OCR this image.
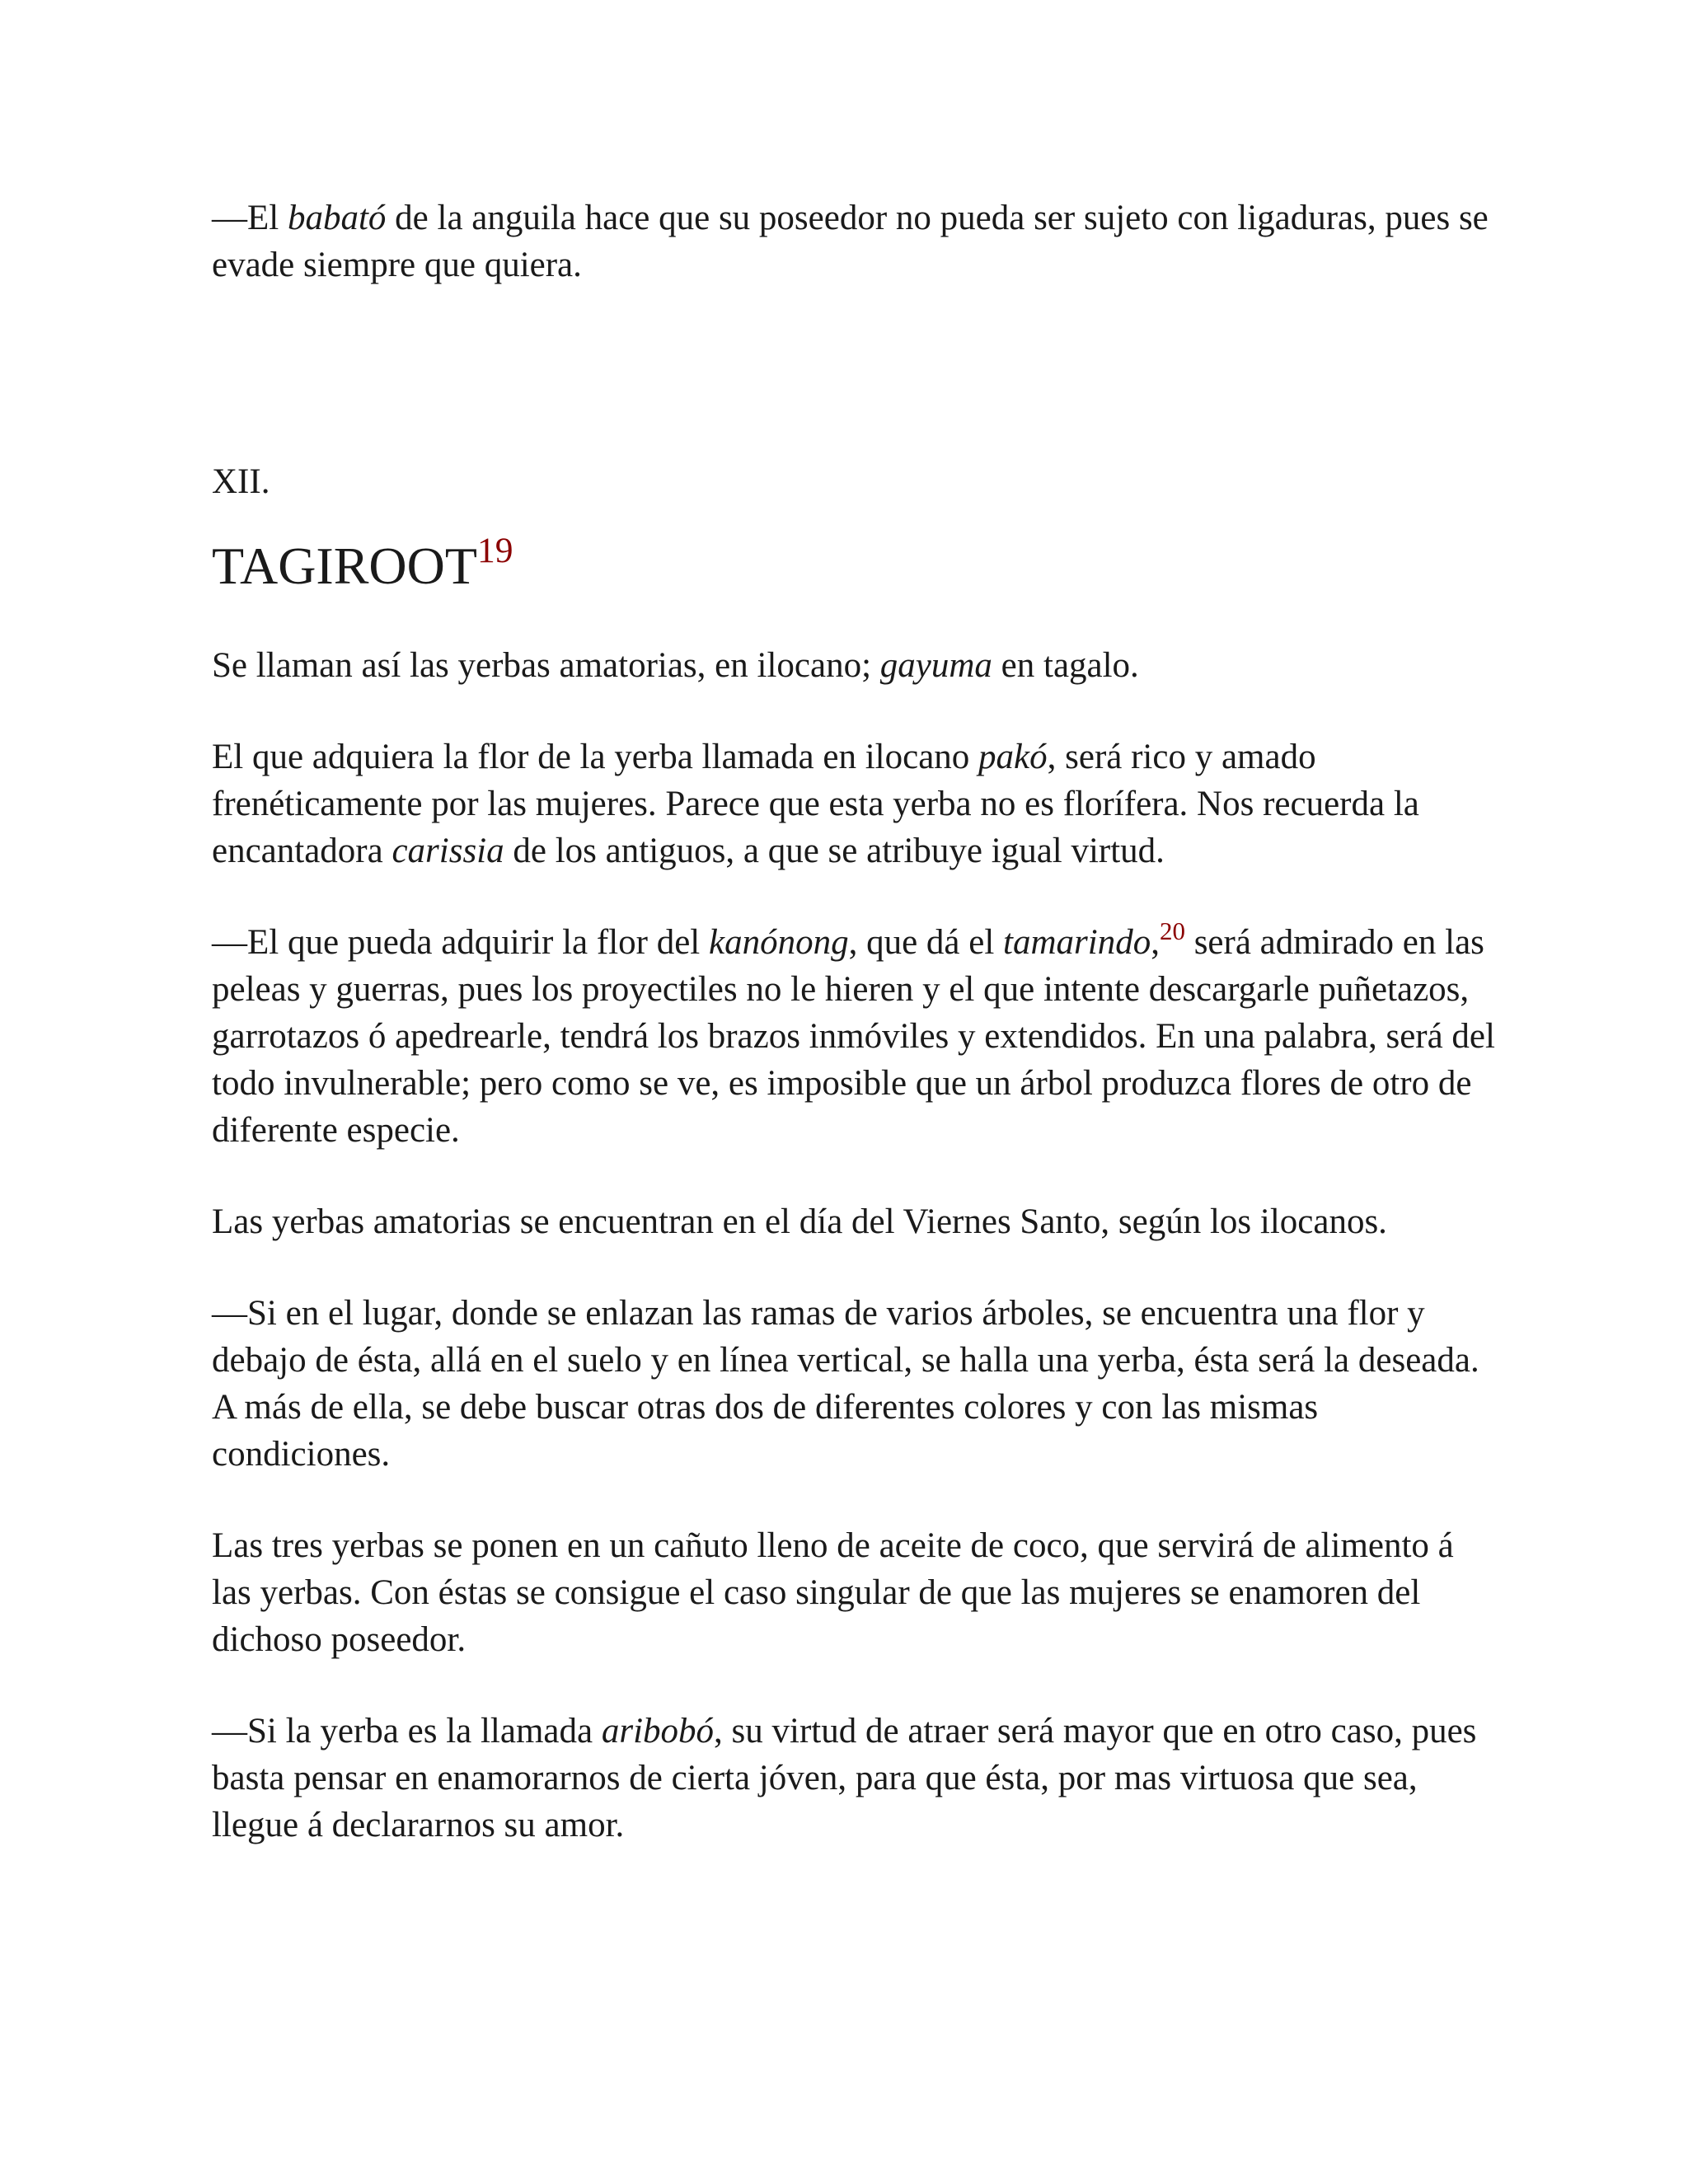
—El babató de la anguila hace que su poseedor no pueda ser sujeto con ligaduras, pues se evade siempre que quiera.

XII.
TAGIROOT$^{19}$

Se llaman así las yerbas amatorias, en ilocano; gayuma en tagalo.

El que adquiera la flor de la yerba llamada en ilocano pakó, será rico y amado frenéticamente por las mujeres. Parece que esta yerba no es florífera. Nos recuerda la encantadora carissia de los antiguos, a que se atribuye igual virtud.

—El que pueda adquirir la flor del kanónong, que dá el tamarindo,$^{20}$ será admirado en las peleas y guerras, pues los proyectiles no le hieren y el que intente descargarle puñetazos, garrotazos ó apedrearle, tendrá los brazos inmóviles y extendidos. En una palabra, será del todo invulnerable; pero como se ve, es imposible que un árbol produzca flores de otro de diferente especie.

Las yerbas amatorias se encuentran en el día del Viernes Santo, según los ilocanos.

—Si en el lugar, donde se enlazan las ramas de varios árboles, se encuentra una flor y debajo de ésta, allá en el suelo y en línea vertical, se halla una yerba, ésta será la deseada. A más de ella, se debe buscar otras dos de diferentes colores y con las mismas condiciones.

Las tres yerbas se ponen en un cañuto lleno de aceite de coco, que servirá de alimento á las yerbas. Con éstas se consigue el caso singular de que las mujeres se enamoren del dichoso poseedor.

—Si la yerba es la llamada aribobó, su virtud de atraer será mayor que en otro caso, pues basta pensar en enamorarnos de cierta jóven, para que ésta, por mas virtuosa que sea, llegue á declararnos su amor.
